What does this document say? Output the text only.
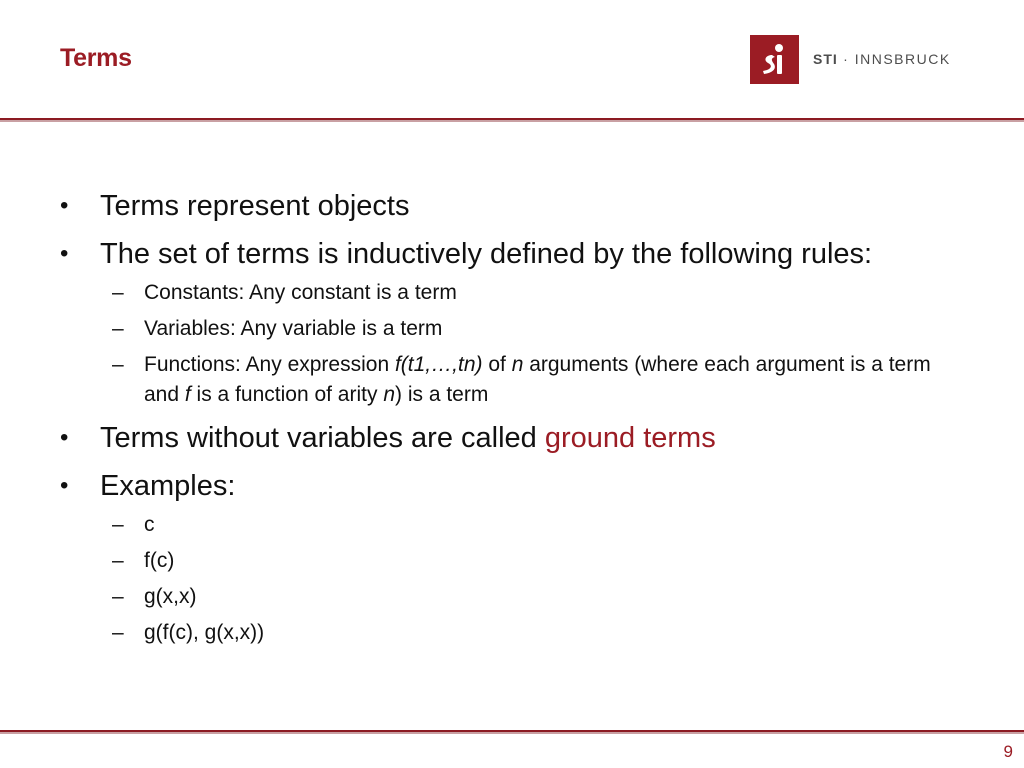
Terms	STI · INNSBRUCK
•	Terms represent objects
•	The set of terms is inductively defined by the following rules:
– Constants: Any constant is a term
– Variables: Any variable is a term
– Functions: Any expression f(t1,…,tn) of n arguments (where each argument is a term and f is a function of arity n) is a term
•	Terms without variables are called ground terms
•	Examples:
– c
– f(c)
– g(x,x)
– g(f(c), g(x,x))
9
